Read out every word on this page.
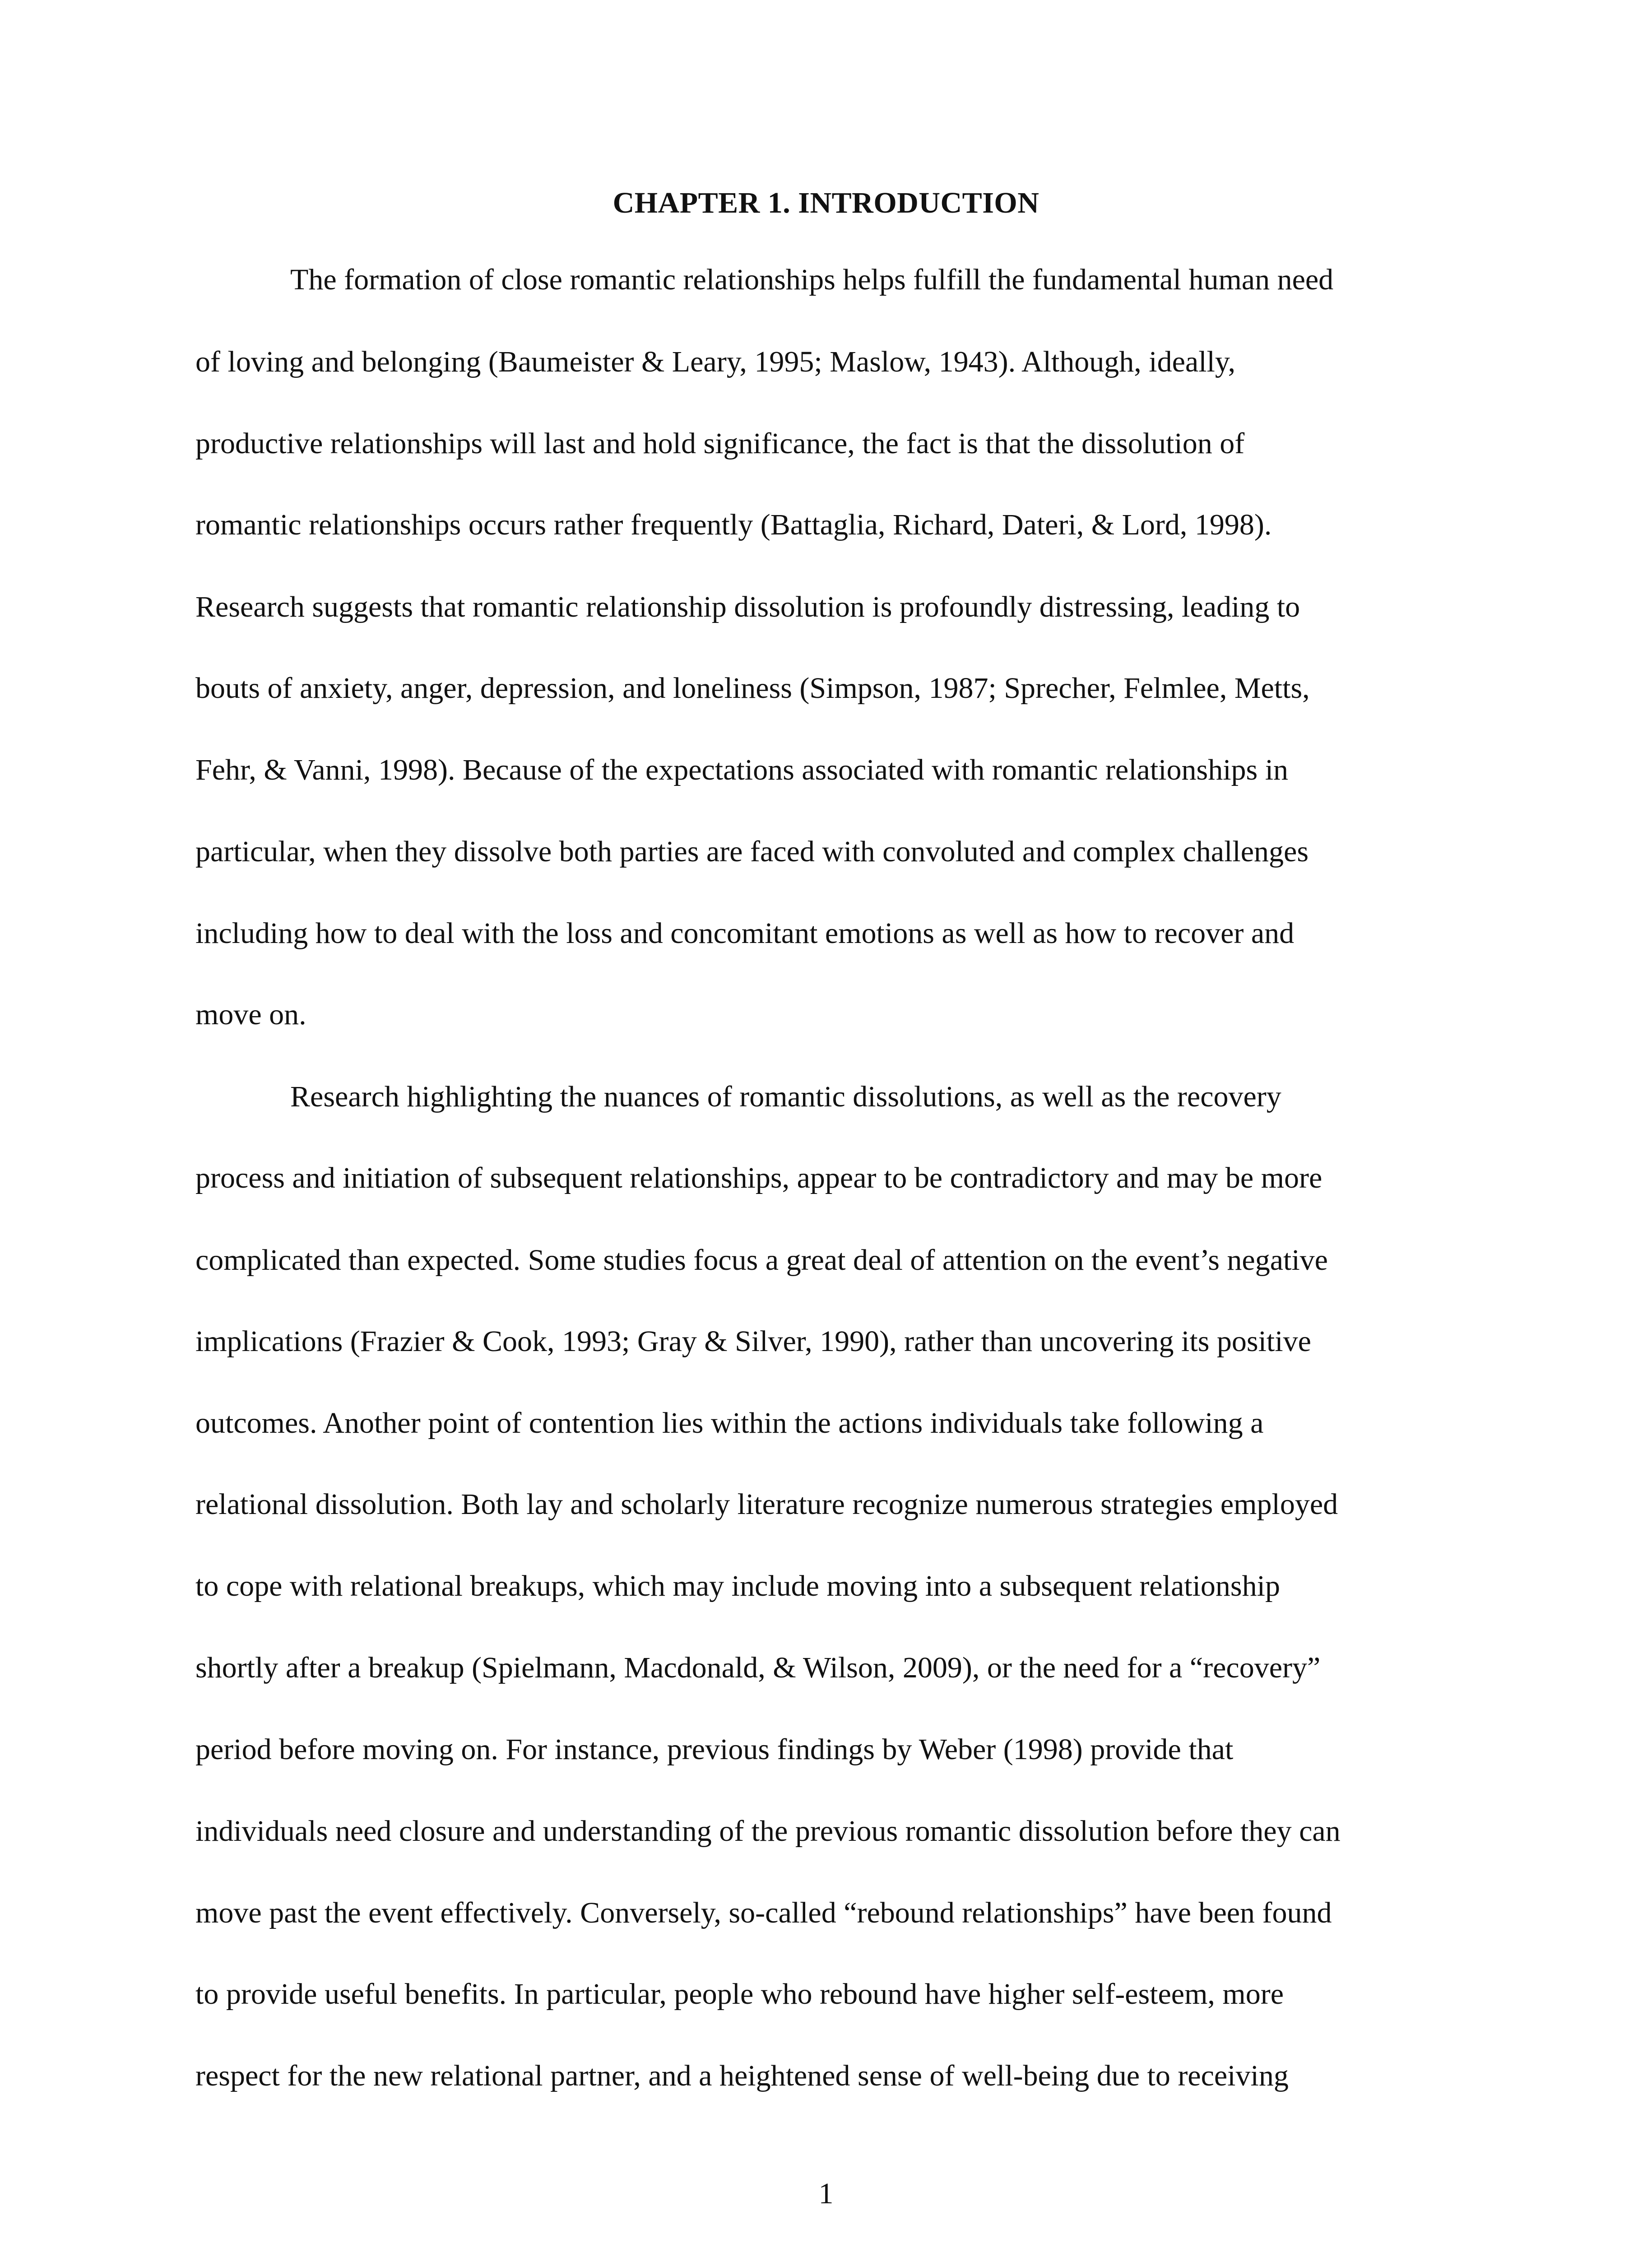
CHAPTER 1. INTRODUCTION
The formation of close romantic relationships helps fulfill the fundamental human need
of loving and belonging (Baumeister & Leary, 1995; Maslow, 1943). Although, ideally,
productive relationships will last and hold significance, the fact is that the dissolution of
romantic relationships occurs rather frequently (Battaglia, Richard, Dateri, & Lord, 1998).
Research suggests that romantic relationship dissolution is profoundly distressing, leading to
bouts of anxiety, anger, depression, and loneliness (Simpson, 1987; Sprecher, Felmlee, Metts,
Fehr, & Vanni, 1998). Because of the expectations associated with romantic relationships in
particular, when they dissolve both parties are faced with convoluted and complex challenges
including how to deal with the loss and concomitant emotions as well as how to recover and
move on.
Research highlighting the nuances of romantic dissolutions, as well as the recovery
process and initiation of subsequent relationships, appear to be contradictory and may be more
complicated than expected. Some studies focus a great deal of attention on the event’s negative
implications (Frazier & Cook, 1993; Gray & Silver, 1990), rather than uncovering its positive
outcomes. Another point of contention lies within the actions individuals take following a
relational dissolution. Both lay and scholarly literature recognize numerous strategies employed
to cope with relational breakups, which may include moving into a subsequent relationship
shortly after a breakup (Spielmann, Macdonald, & Wilson, 2009), or the need for a “recovery”
period before moving on. For instance, previous findings by Weber (1998) provide that
individuals need closure and understanding of the previous romantic dissolution before they can
move past the event effectively. Conversely, so-called “rebound relationships” have been found
to provide useful benefits. In particular, people who rebound have higher self-esteem, more
respect for the new relational partner, and a heightened sense of well-being due to receiving
1
